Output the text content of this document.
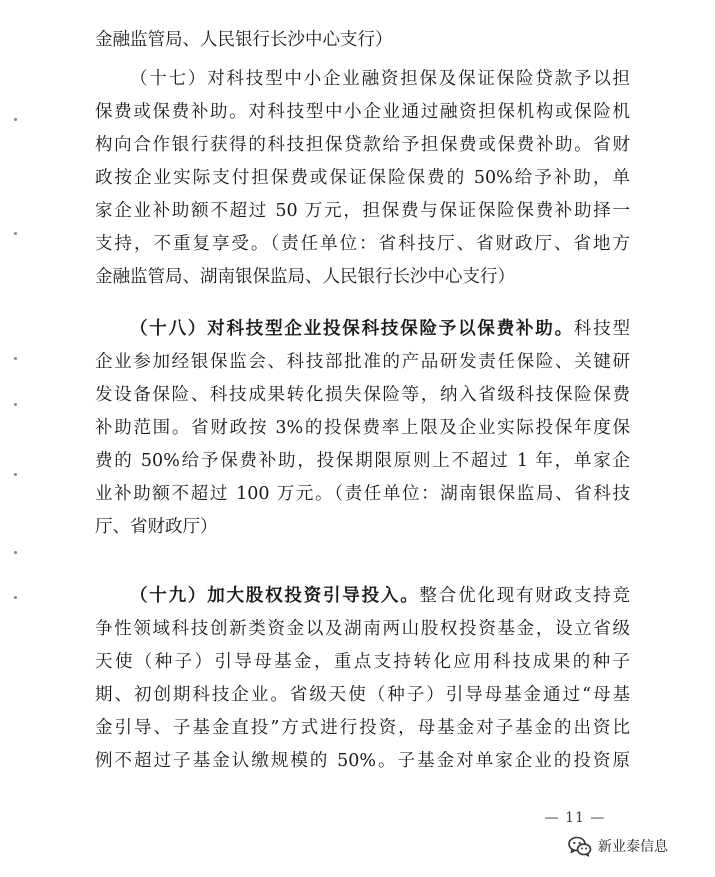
金融监管局、人民银行长沙中心支行）
（十七）对科技型中小企业融资担保及保证保险贷款予以担
保费或保费补助。对科技型中小企业通过融资担保机构或保险机
构向合作银行获得的科技担保贷款给予担保费或保费补助。省财
政按企业实际支付担保费或保证保险保费的 50%给予补助，单
家企业补助额不超过 50 万元，担保费与保证保险保费补助择一
支持，不重复享受。（责任单位：省科技厅、省财政厅、省地方
金融监管局、湖南银保监局、人民银行长沙中心支行）
（十八）对科技型企业投保科技保险予以保费补助。科技型
企业参加经银保监会、科技部批准的产品研发责任保险、关键研
发设备保险、科技成果转化损失保险等，纳入省级科技保险保费
补助范围。省财政按 3%的投保费率上限及企业实际投保年度保
费的 50%给予保费补助，投保期限原则上不超过 1 年，单家企
业补助额不超过 100 万元。（责任单位：湖南银保监局、省科技
厅、省财政厅）
（十九）加大股权投资引导投入。整合优化现有财政支持竞
争性领域科技创新类资金以及湖南两山股权投资基金，设立省级
天使（种子）引导母基金，重点支持转化应用科技成果的种子
期、初创期科技企业。省级天使（种子）引导母基金通过“母基
金引导、子基金直投”方式进行投资，母基金对子基金的出资比
例不超过子基金认缴规模的 50%。子基金对单家企业的投资原
— 11 —
新业泰信息
